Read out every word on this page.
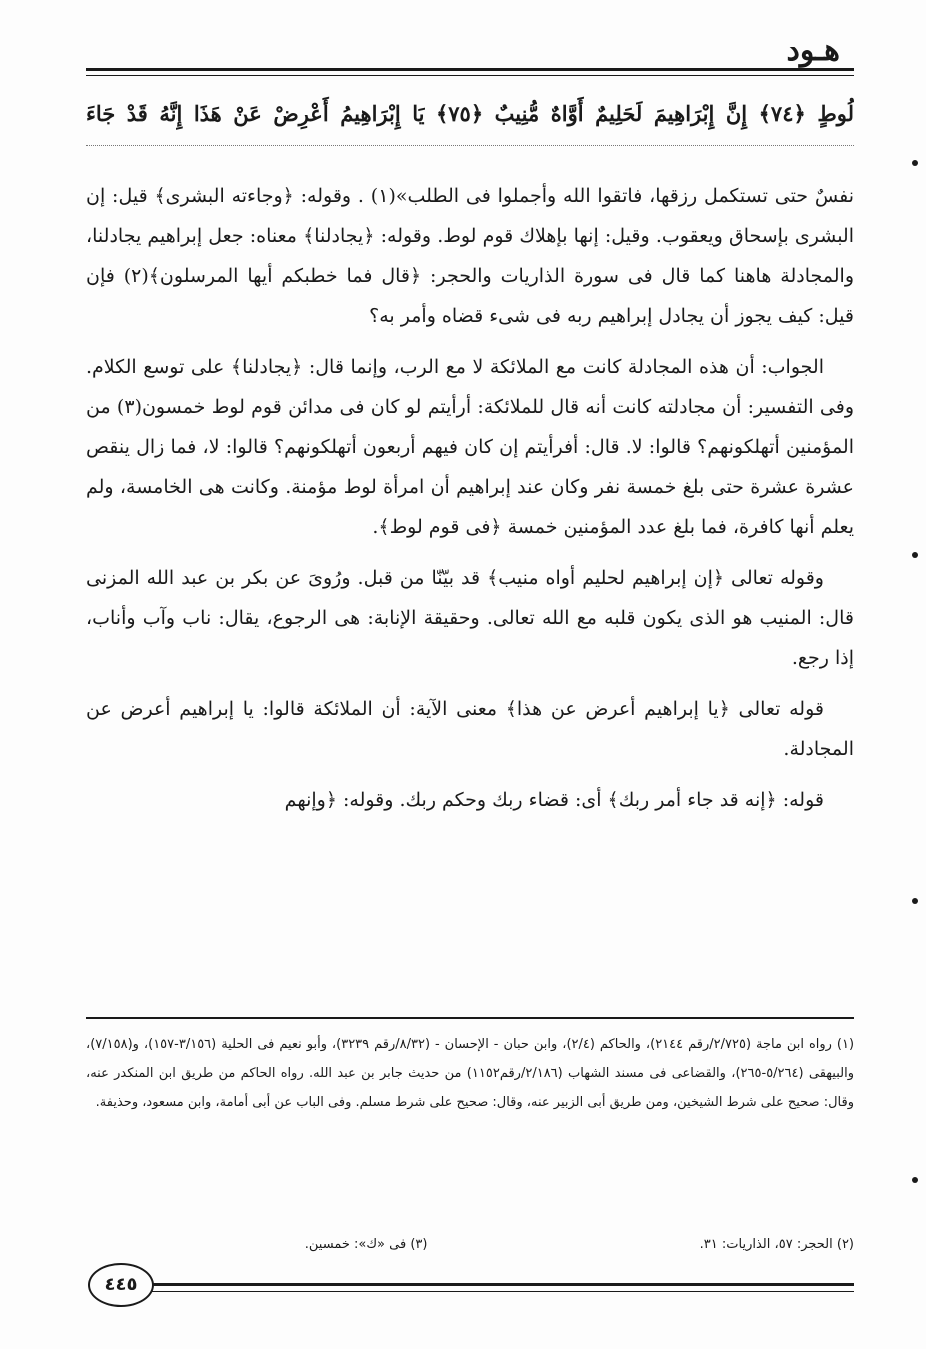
هـود
لُوطٍ ﴿٧٤﴾ إِنَّ إِبْرَاهِيمَ لَحَلِيمٌ أَوَّاهٌ مُّنِيبٌ ﴿٧٥﴾ يَا إِبْرَاهِيمُ أَعْرِضْ عَنْ هَذَا إِنَّهُ قَدْ جَاءَ

نفسٌ حتى تستكمل رزقها، فاتقوا الله وأجملوا فى الطلب»(١) . وقوله: ﴿وجاءته البشرى﴾ قيل: إن البشرى بإسحاق ويعقوب. وقيل: إنها بإهلاك قوم لوط. وقوله: ﴿يجادلنا﴾ معناه: جعل إبراهيم يجادلنا، والمجادلة هاهنا كما قال فى سورة الذاريات والحجر: ﴿قال فما خطبكم أيها المرسلون﴾(٢) فإن قيل: كيف يجوز أن يجادل إبراهيم ربه فى شىء قضاه وأمر به؟

الجواب: أن هذه المجادلة كانت مع الملائكة لا مع الرب، وإنما قال: ﴿يجادلنا﴾ على توسع الكلام. وفى التفسير: أن مجادلته كانت أنه قال للملائكة: أرأيتم لو كان فى مدائن قوم لوط خمسون(٣) من المؤمنين أتهلكونهم؟ قالوا: لا. قال: أفرأيتم إن كان فيهم أربعون أتهلكونهم؟ قالوا: لا، فما زال ينقص عشرة عشرة حتى بلغ خمسة نفر وكان عند إبراهيم أن امرأة لوط مؤمنة. وكانت هى الخامسة، ولم يعلم أنها كافرة، فما بلغ عدد المؤمنين خمسة ﴿فى قوم لوط﴾.

وقوله تعالى ﴿إن إبراهيم لحليم أواه منيب﴾ قد بيّنّا من قبل. ورُوىَ عن بكر بن عبد الله المزنى قال: المنيب هو الذى يكون قلبه مع الله تعالى. وحقيقة الإنابة: هى الرجوع، يقال: ناب وآب وأناب، إذا رجع.

قوله تعالى ﴿يا إبراهيم أعرض عن هذا﴾ معنى الآية: أن الملائكة قالوا: يا إبراهيم أعرض عن المجادلة.

قوله: ﴿إنه قد جاء أمر ربك﴾ أى: قضاء ربك وحكم ربك. وقوله: ﴿وإنهم

(١) رواه ابن ماجة (٢/٧٢٥/رقم ٢١٤٤)، والحاكم (٢/٤)، وابن حبان - الإحسان - (٨/٣٢/رقم ٣٢٣٩)، وأبو نعيم فى الحلية (٣/١٥٦-١٥٧)، و(٧/١٥٨)، والبيهقى (٥/٢٦٤-٢٦٥)، والقضاعى فى مسند الشهاب (٢/١٨٦/رقم١١٥٢) من حديث جابر بن عبد الله. رواه الحاكم من طريق ابن المنكدر عنه، وقال: صحيح على شرط الشيخين، ومن طريق أبى الزبير عنه، وقال: صحيح على شرط مسلم. وفى الباب عن أبى أمامة، وابن مسعود، وحذيفة.

(٢) الحجر: ٥٧، الذاريات: ٣١. (٣) فى «ك»: خمسين.
٤٤٥
